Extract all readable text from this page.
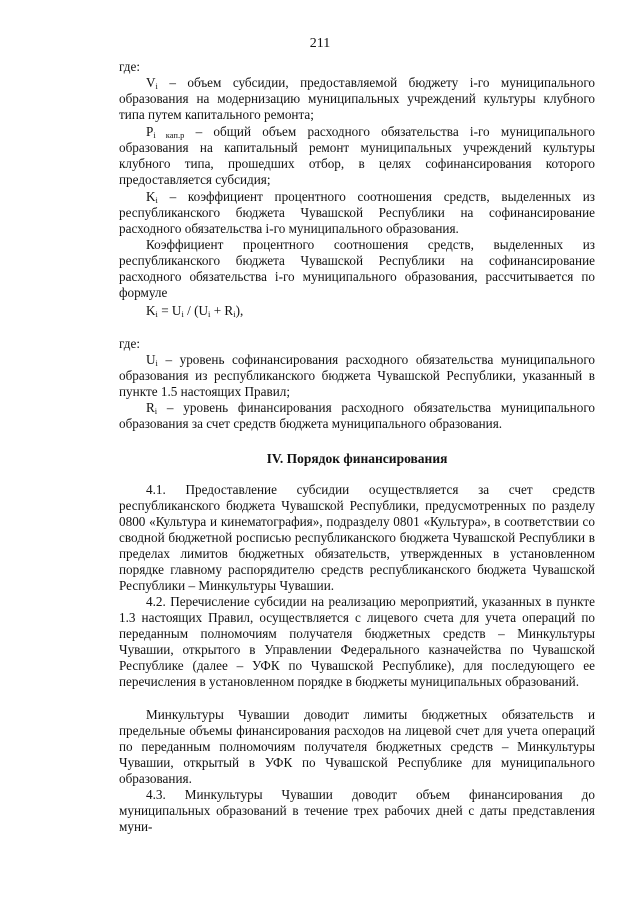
211
где:
$V_i$ – объем субсидии, предоставляемой бюджету i-го муниципального образования на модернизацию муниципальных учреждений культуры клубного типа путем капитального ремонта;
$P_{i кап.р}$ – общий объем расходного обязательства i-го муниципального образования на капитальный ремонт муниципальных учреждений культуры клубного типа, прошедших отбор, в целях софинансирования которого предоставляется субсидия;
$K_i$ – коэффициент процентного соотношения средств, выделенных из республиканского бюджета Чувашской Республики на софинансирование расходного обязательства i-го муниципального образования.
Коэффициент процентного соотношения средств, выделенных из республиканского бюджета Чувашской Республики на софинансирование расходного обязательства i-го муниципального образования, рассчитывается по формуле
$K_i = U_i / (U_i + R_i)$,
где:
$U_i$ – уровень софинансирования расходного обязательства муниципального образования из республиканского бюджета Чувашской Республики, указанный в пункте 1.5 настоящих Правил;
$R_i$ – уровень финансирования расходного обязательства муниципального образования за счет средств бюджета муниципального образования.
IV. Порядок финансирования
4.1. Предоставление субсидии осуществляется за счет средств республиканского бюджета Чувашской Республики, предусмотренных по разделу 0800 «Культура и кинематография», подразделу 0801 «Культура», в соответствии со сводной бюджетной росписью республиканского бюджета Чувашской Республики в пределах лимитов бюджетных обязательств, утвержденных в установленном порядке главному распорядителю средств республиканского бюджета Чувашской Республики – Минкультуры Чувашии.
4.2. Перечисление субсидии на реализацию мероприятий, указанных в пункте 1.3 настоящих Правил, осуществляется с лицевого счета для учета операций по переданным полномочиям получателя бюджетных средств – Минкультуры Чувашии, открытого в Управлении Федерального казначейства по Чувашской Республике (далее – УФК по Чувашской Республике), для последующего ее перечисления в установленном порядке в бюджеты муниципальных образований.
Минкультуры Чувашии доводит лимиты бюджетных обязательств и предельные объемы финансирования расходов на лицевой счет для учета операций по переданным полномочиям получателя бюджетных средств – Минкультуры Чувашии, открытый в УФК по Чувашской Республике для муниципального образования.
4.3. Минкультуры Чувашии доводит объем финансирования до муниципальных образований в течение трех рабочих дней с даты представления муни-
